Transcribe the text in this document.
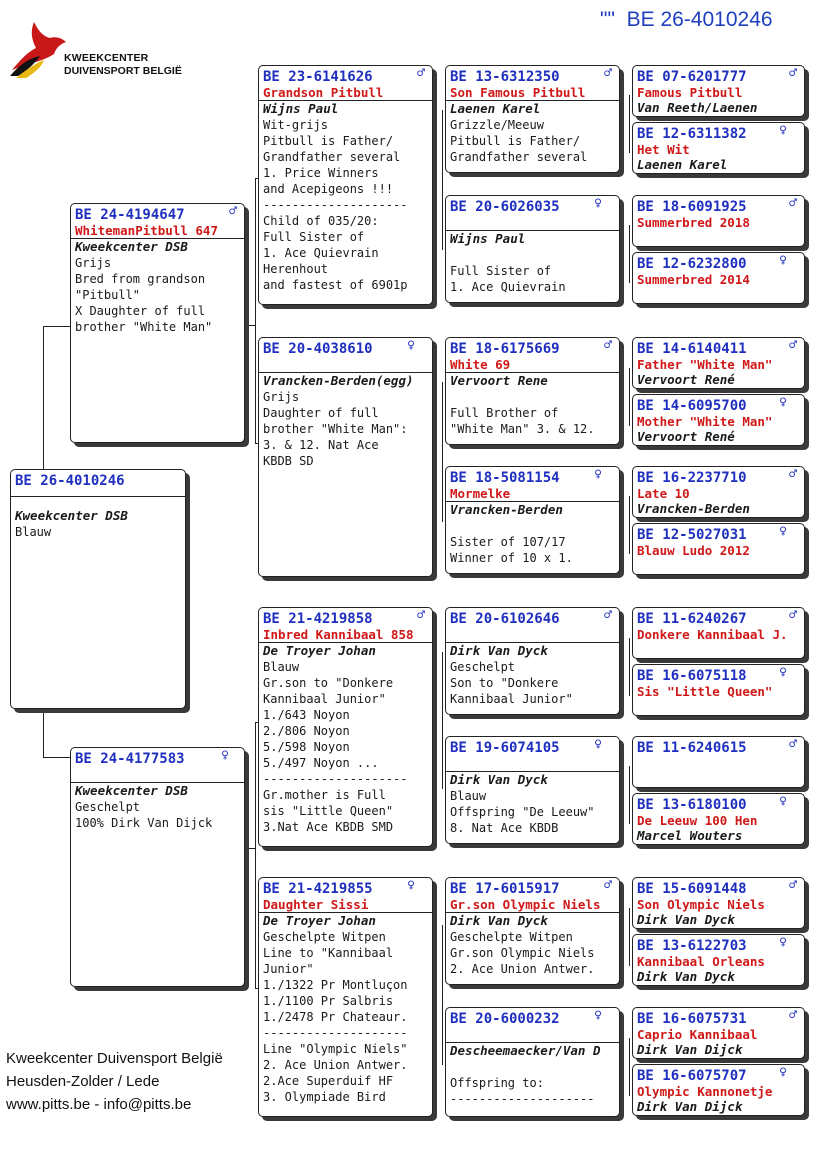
"" BE 26-4010246
KWEEKCENTER
DUIVENSPORT BELGIË
BE 26-4010246
Kweekcenter DSB
Blauw
BE 24-4194647	♂
WhitemanPitbull 647
Kweekcenter DSB
Grijs
Bred from grandson
"Pitbull"
X Daughter of full
brother "White Man"
BE 24-4177583	♀
Kweekcenter DSB
Geschelpt
100% Dirk Van Dijck
BE 23-6141626	♂
Grandson Pitbull
Wijns Paul
Wit-grijs
Pitbull is Father/
Grandfather several
1. Price Winners
and Acepigeons !!!
--------------------
Child of 035/20:
Full Sister of
1. Ace Quievrain
Herenhout
and fastest of 6901p
BE 20-4038610	♀
Vrancken-Berden(egg)
Grijs
Daughter of full
brother "White Man":
3. & 12. Nat Ace
KBDB SD
BE 21-4219858	♂
Inbred Kannibaal 858
De Troyer Johan
Blauw
Gr.son to "Donkere
Kannibaal Junior"
1./643 Noyon
2./806 Noyon
5./598 Noyon
5./497 Noyon ...
--------------------
Gr.mother is Full
sis "Little Queen"
3.Nat Ace KBDB SMD
BE 21-4219855	♀
Daughter Sissi
De Troyer Johan
Geschelpte Witpen
Line to "Kannibaal
Junior"
1./1322 Pr Montluçon
1./1100 Pr Salbris
1./2478 Pr Chateaur.
--------------------
Line "Olympic Niels"
2. Ace Union Antwer.
2.Ace Superduif HF
3. Olympiade Bird
BE 13-6312350	♂
Son Famous Pitbull
Laenen Karel
Grizzle/Meeuw
Pitbull is Father/
Grandfather several
BE 20-6026035	♀
Wijns Paul
Full Sister of
1. Ace Quievrain
BE 18-6175669	♂
White 69
Vervoort Rene
Full Brother of
"White Man" 3. & 12.
BE 18-5081154	♀
Mormelke
Vrancken-Berden
Sister of 107/17
Winner of 10 x 1.
BE 20-6102646	♂
Dirk Van Dyck
Geschelpt
Son to "Donkere
Kannibaal Junior"
BE 19-6074105	♀
Dirk Van Dyck
Blauw
Offspring "De Leeuw"
8. Nat Ace KBDB
BE 17-6015917	♂
Gr.son Olympic Niels
Dirk Van Dyck
Geschelpte Witpen
Gr.son Olympic Niels
2. Ace Union Antwer.
BE 20-6000232	♀
Descheemaecker/Van D
Offspring to:
--------------------
BE 07-6201777	♂
Famous Pitbull
Van Reeth/Laenen
BE 12-6311382	♀
Het Wit
Laenen Karel
BE 18-6091925	♂
Summerbred 2018
BE 12-6232800	♀
Summerbred 2014
BE 14-6140411	♂
Father "White Man"
Vervoort René
BE 14-6095700	♀
Mother "White Man"
Vervoort René
BE 16-2237710	♂
Late 10
Vrancken-Berden
BE 12-5027031	♀
Blauw Ludo 2012
BE 11-6240267	♂
Donkere Kannibaal J.
BE 16-6075118	♀
Sis "Little Queen"
BE 11-6240615	♂
BE 13-6180100	♀
De Leeuw 100 Hen
Marcel Wouters
BE 15-6091448	♂
Son Olympic Niels
Dirk Van Dyck
BE 13-6122703	♀
Kannibaal Orleans
Dirk Van Dyck
BE 16-6075731	♂
Caprio Kannibaal
Dirk Van Dijck
BE 16-6075707	♀
Olympic Kannonetje
Dirk Van Dijck
Kweekcenter Duivensport België
Heusden-Zolder / Lede
www.pitts.be - info@pitts.be
